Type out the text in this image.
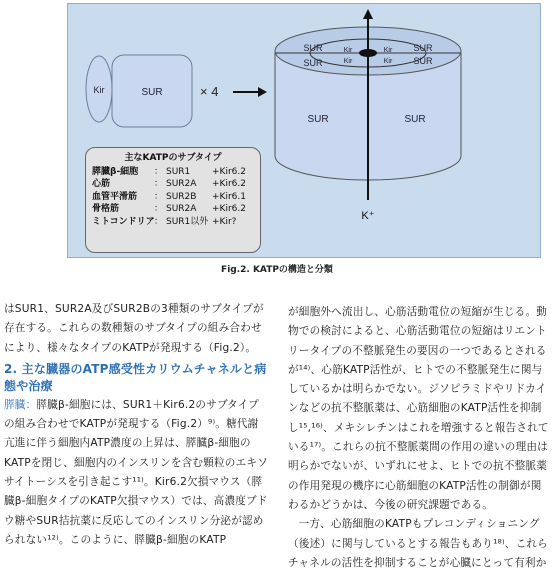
Kir	SUR	× 4
SUR	SUR
SUR	SUR
Kir	Kir
Kir	Kir
SUR	SUR
K⁺
主なKATPのサブタイプ
膵臓β-細胞	： SUR1	+Kir6.2
心筋	： SUR2A	+Kir6.2
血管平滑筋	： SUR2B	+Kir6.1
骨格筋	： SUR2A	+Kir6.2
ミトコンドリア ： SUR1以外 +Kir?
Fig.2. KATPの構造と分類

はSUR1、SUR2A及びSUR2Bの3種類のサブタイプが存在する。これらの数種類のサブタイプの組み合わせにより、様々なタイプのKATPが発現する（Fig.2）。

2. 主な臓器のATP感受性カリウムチャネルと病態や治療

膵臓：膵臓β-細胞には、SUR1＋Kir6.2のサブタイプの組み合わせでKATPが発現する（Fig.2）⁹⁾。糖代謝亢進に伴う細胞内ATP濃度の上昇は、膵臓β-細胞のKATPを閉じ、細胞内のインスリンを含む顆粒のエキソサイトーシスを引き起こす¹¹⁾。Kir6.2欠損マウス（膵臓β-細胞タイプのKATP欠損マウス）では、高濃度ブドウ糖やSUR拮抗薬に反応してのインスリン分泌が認められない¹²⁾。このように、膵臓β-細胞のKATP

が細胞外へ流出し、心筋活動電位の短縮が生じる。動物での検討によると、心筋活動電位の短縮はリエントリータイプの不整脈発生の要因の一つであるとされるが¹⁴⁾、心筋KATP活性が、ヒトでの不整脈発生に関与しているかは明らかでない。ジソピラミドやリドカインなどの抗不整脈薬は、心筋細胞のKATP活性を抑制し¹⁵,¹⁶⁾、メキシレチンはこれを増強すると報告されている¹⁷⁾。これらの抗不整脈薬間の作用の違いの理由は明らかでないが、いずれにせよ、ヒトでの抗不整脈薬の作用発現の機序に心筋細胞のKATP活性の制御が関わるかどうかは、今後の研究課題である。

一方、心筋細胞のKATPもプレコンディショニング（後述）に関与しているとする報告もあり¹⁸⁾、これらチャネルの活性を抑制することが心臓にとって有利か
